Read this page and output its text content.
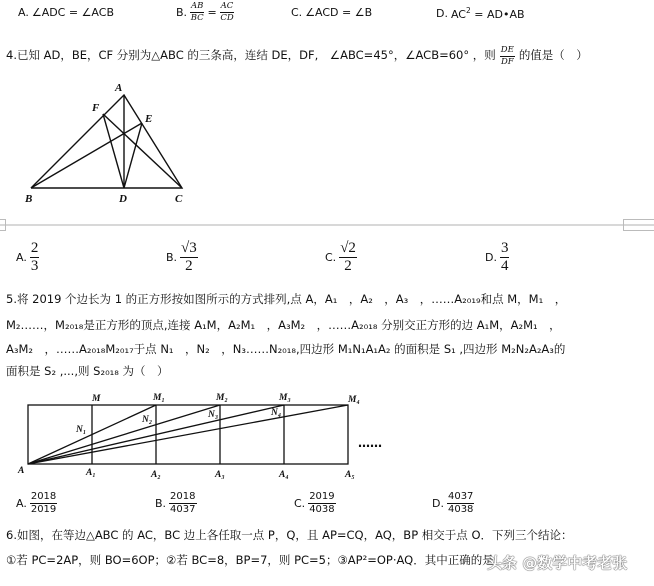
A. ∠ADC = ∠ACB	B. $\frac{AB}{BC} = \frac{AC}{CD}$	C. ∠ACD = ∠B	D. $AC^2$ = AD•AB
4.已知 AD，BE，CF 分别为△ABC 的三条高，连结 DE，DF,　∠ABC=45°，∠ACB=60° ，则 $\frac{DE}{DF}$ 的值是（　）
A
F
E
B	D	C
A. $\frac{2}{3}$	B. $\frac{√3}{2}$	C. $\frac{√2}{2}$	D. $\frac{3}{4}$
5.将 2019 个边长为 1 的正方形按如图所示的方式排列,点 A，A₁　，A₂　，A₃　，……A₂₀₁₉和点 M，M₁　，
M₂……，M₂₀₁₈是正方形的顶点,连接 A₁M，A₂M₁　，A₃M₂　，……A₂₀₁₈ 分别交正方形的边 A₁M，A₂M₁　，
A₃M₂　，……A₂₀₁₈M₂₀₁₇于点 N₁　，N₂　，N₃……N₂₀₁₈,四边形 M₁N₁A₁A₂ 的面积是 S₁ ,四边形 M₂N₂A₂A₃的
面积是 S₂ ,...,则 S₂₀₁₈ 为（　）
M	M₁	M₂	M₃	M₄
N₁
N₂	N₃	N₄
A	A₁	A₂	A₃	A₄	A₅
……
A. $\frac{2018}{2019}$	B. $\frac{2018}{4037}$	C. $\frac{2019}{4038}$	D. $\frac{4037}{4038}$
6.如图，在等边△ABC 的 AC，BC 边上各任取一点 P，Q，且 AP=CQ，AQ，BP 相交于点 O．下列三个结论：
①若 PC=2AP，则 BO=6OP；②若 BC=8，BP=7，则 PC=5；③AP²=OP·AQ．其中正确的是
头条 @数学中考老张
